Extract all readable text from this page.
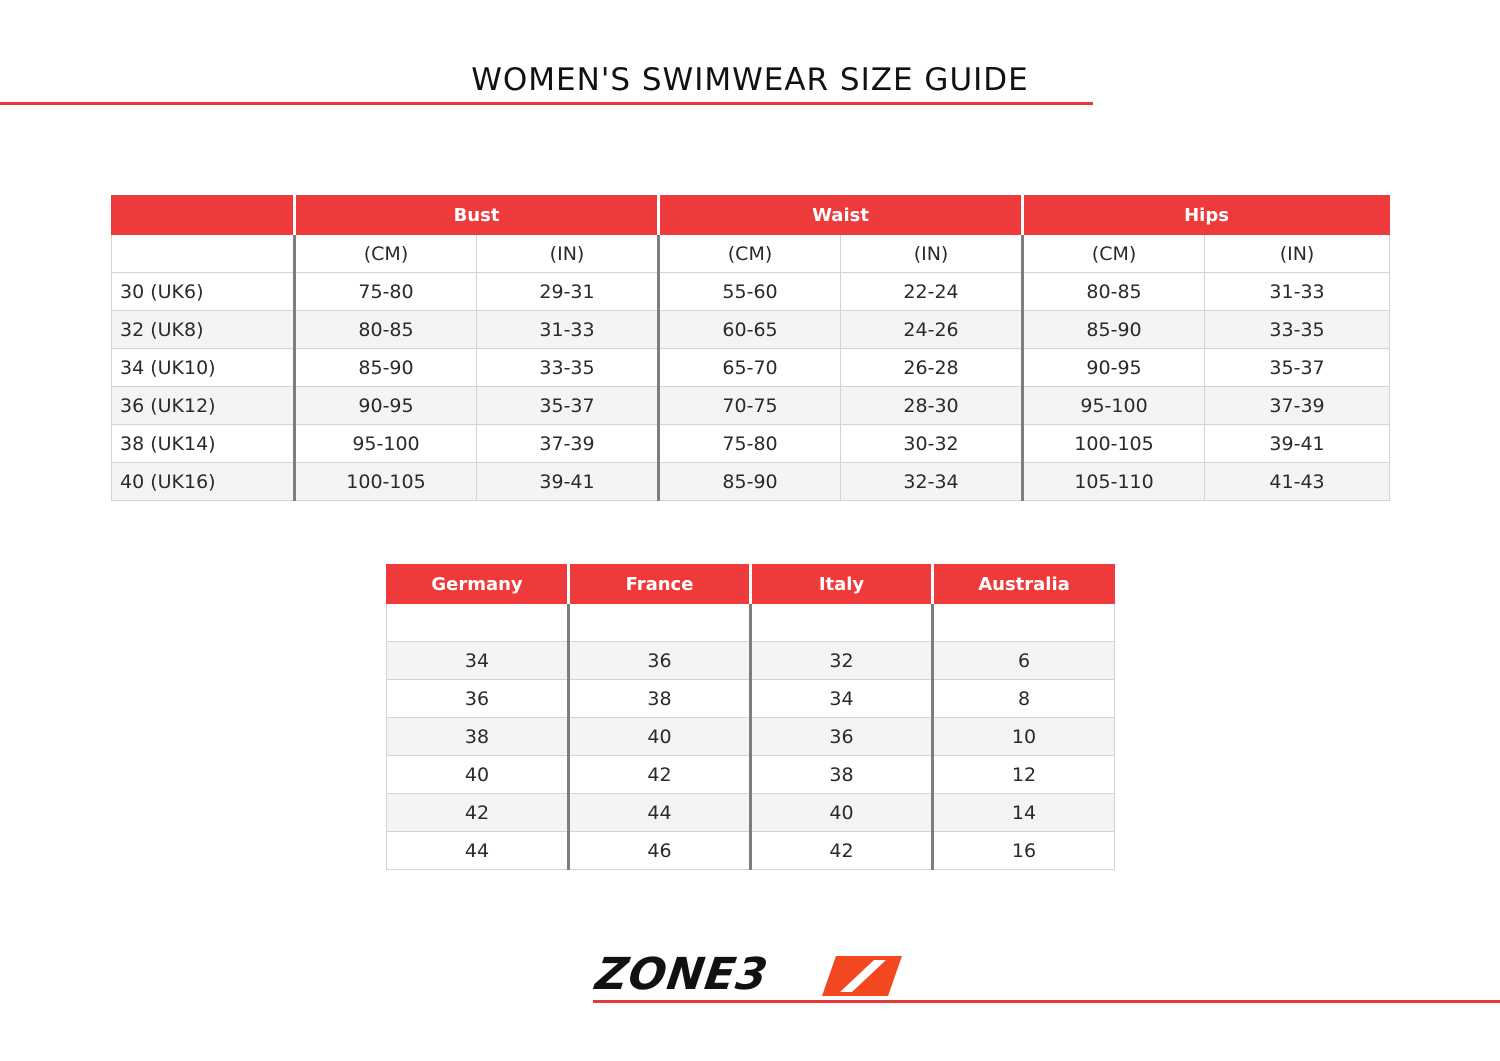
WOMEN'S SWIMWEAR SIZE GUIDE
	Bust		Waist		Hips	
	(CM)	(IN)	(CM)	(IN)	(CM)	(IN)
30 (UK6)	75-80	29-31	55-60	22-24	80-85	31-33
32 (UK8)	80-85	31-33	60-65	24-26	85-90	33-35
34 (UK10)	85-90	33-35	65-70	26-28	90-95	35-37
36 (UK12)	90-95	35-37	70-75	28-30	95-100	37-39
38 (UK14)	95-100	37-39	75-80	30-32	100-105	39-41
40 (UK16)	100-105	39-41	85-90	32-34	105-110	41-43
Germany	France	Italy	Australia

34	36	32	6
36	38	34	8
38	40	36	10
40	42	38	12
42	44	40	14
44	46	42	16
ZONE3
